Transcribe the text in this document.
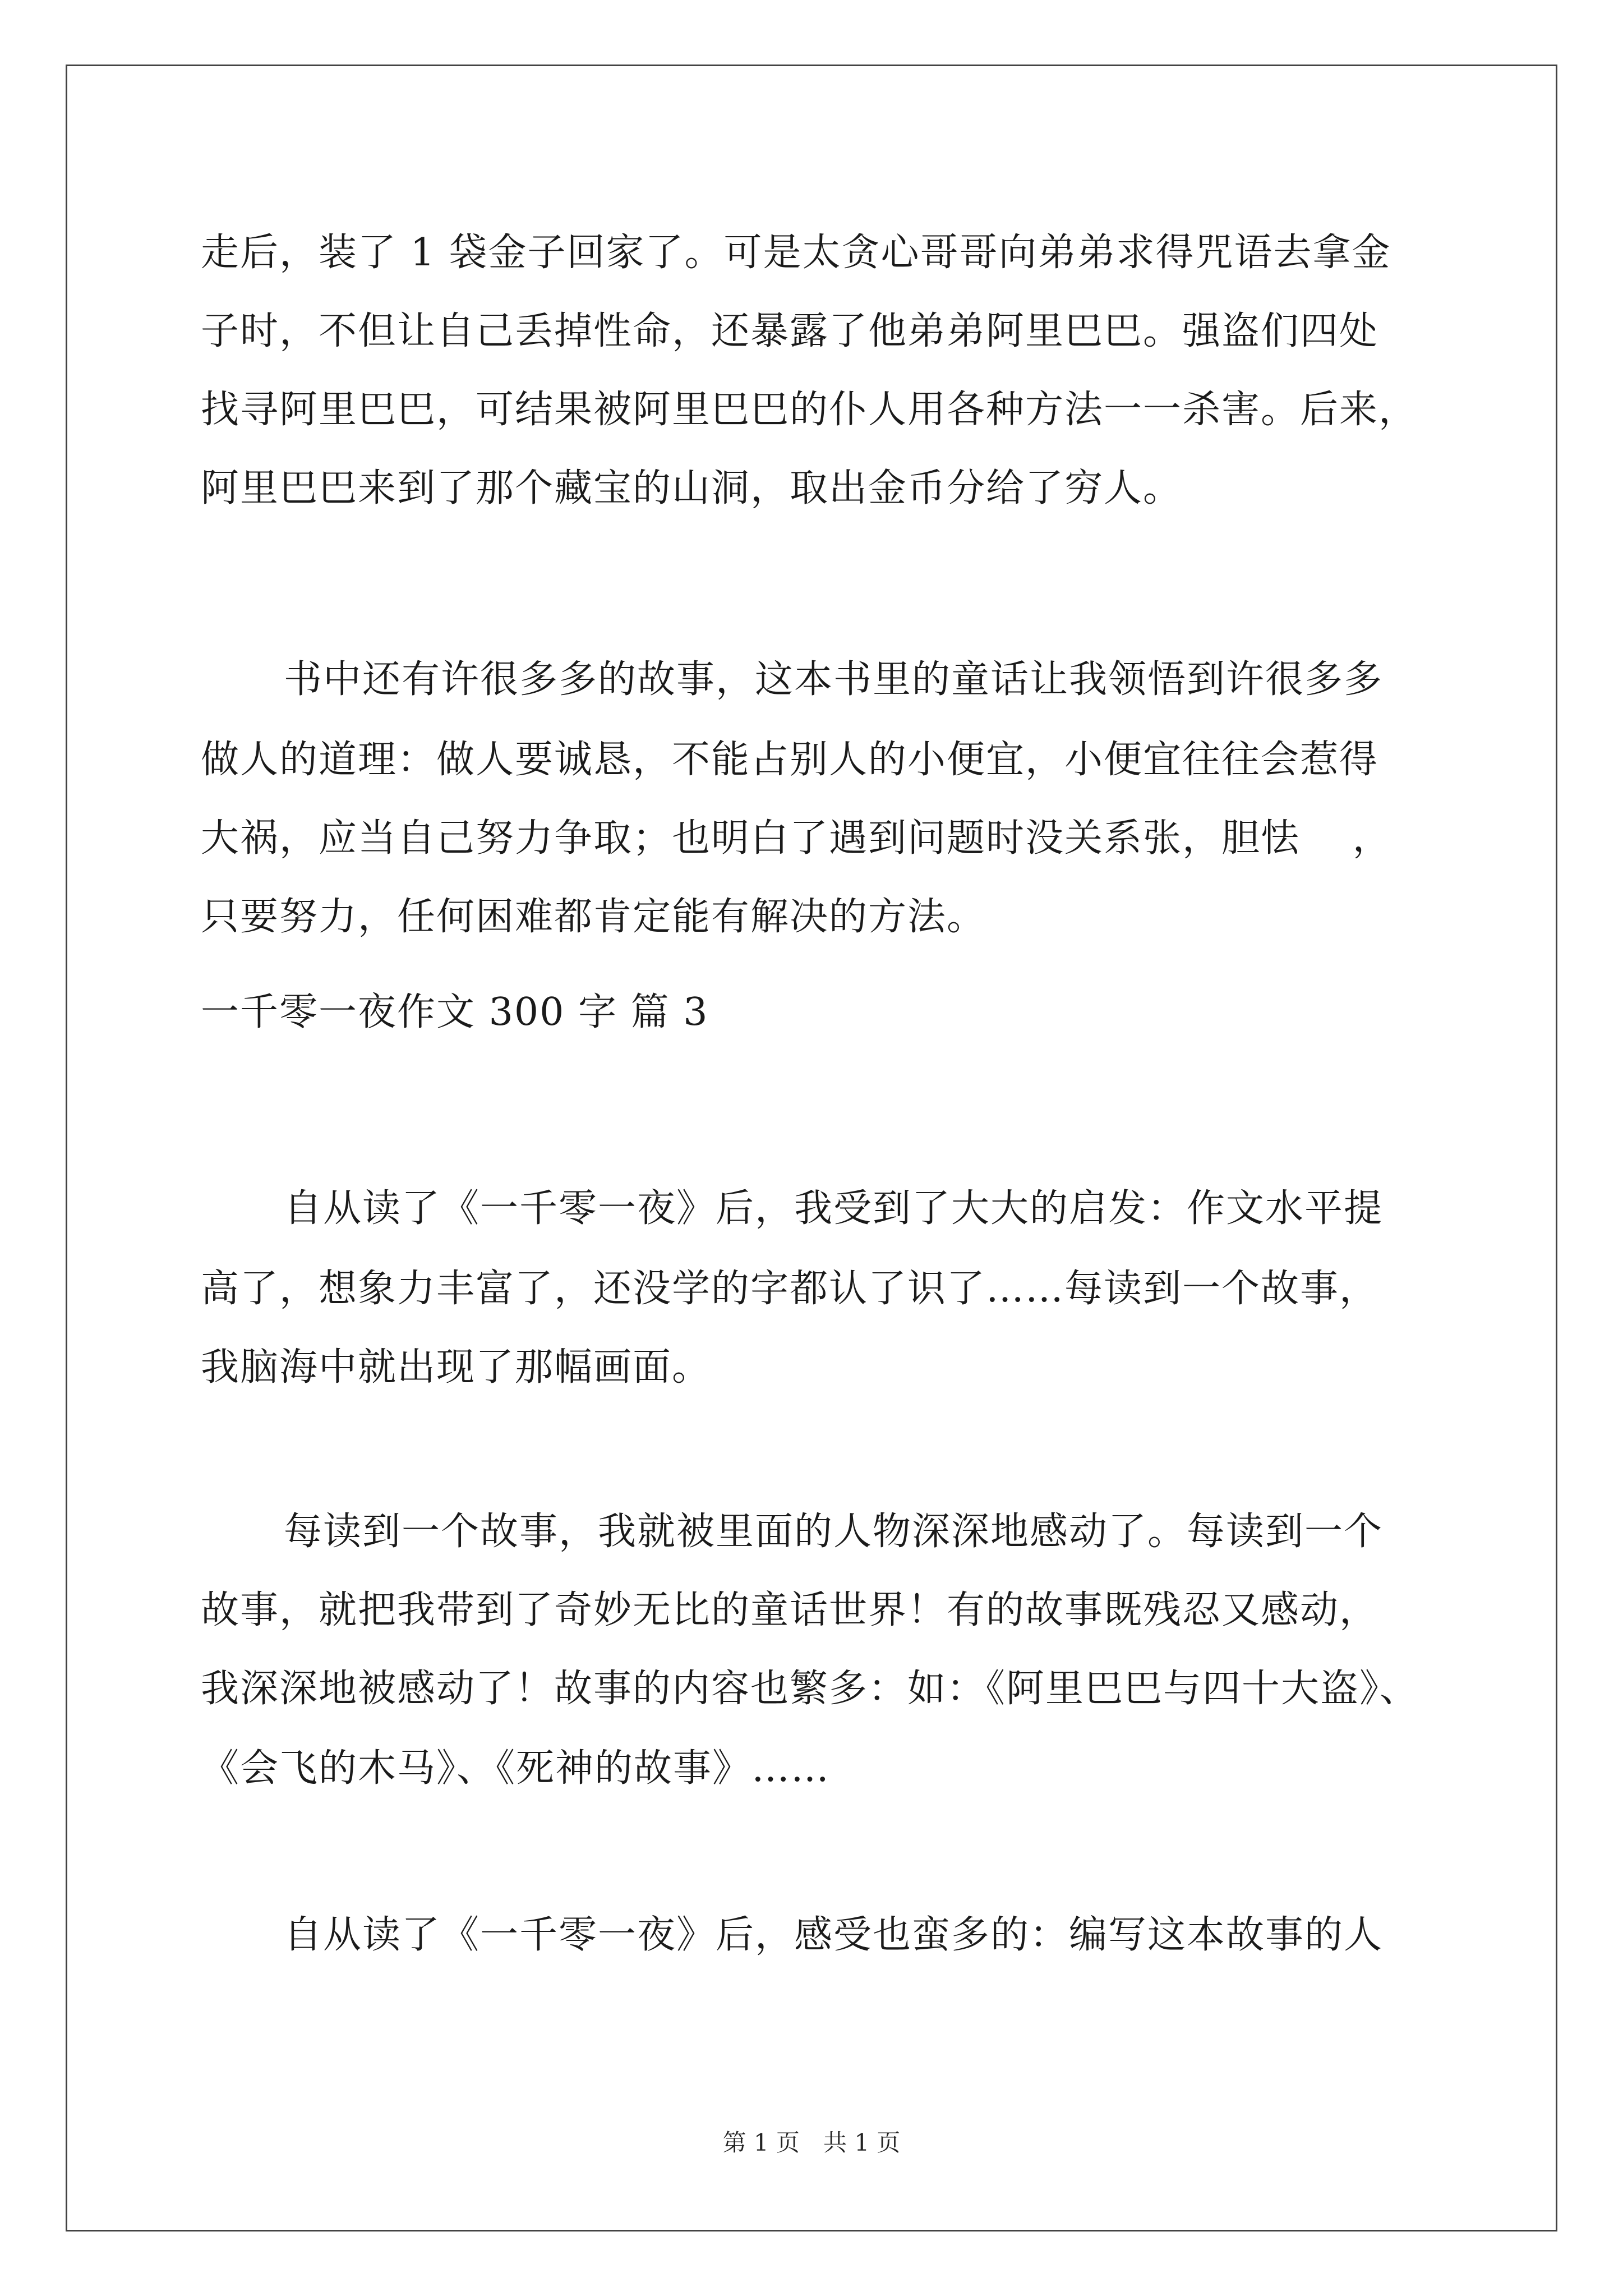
走后，装了 1 袋金子回家了。可是太贪心哥哥向弟弟求得咒语去拿金
子时，不但让自己丢掉性命，还暴露了他弟弟阿里巴巴。强盗们四处
找寻阿里巴巴，可结果被阿里巴巴的仆人用各种方法一一杀害。后来，
阿里巴巴来到了那个藏宝的山洞，取出金币分给了穷人。
书中还有许很多多的故事，这本书里的童话让我领悟到许很多多
做人的道理：做人要诚恳，不能占别人的小便宜，小便宜往往会惹得
大祸，应当自己努力争取；也明白了遇到问题时没关系张，胆怯　 ，
只要努力，任何困难都肯定能有解决的方法。
一千零一夜作文 300 字 篇 3
自从读了《一千零一夜》后，我受到了大大的启发：作文水平提
高了，想象力丰富了，还没学的字都认了识了……每读到一个故事，
我脑海中就出现了那幅画面。
每读到一个故事，我就被里面的人物深深地感动了。每读到一个
故事，就把我带到了奇妙无比的童话世界！有的故事既残忍又感动，
我深深地被感动了！故事的内容也繁多：如：《阿里巴巴与四十大盗》、
《会飞的木马》、《死神的故事》……
自从读了《一千零一夜》后，感受也蛮多的：编写这本故事的人
第 1 页　共 1 页
